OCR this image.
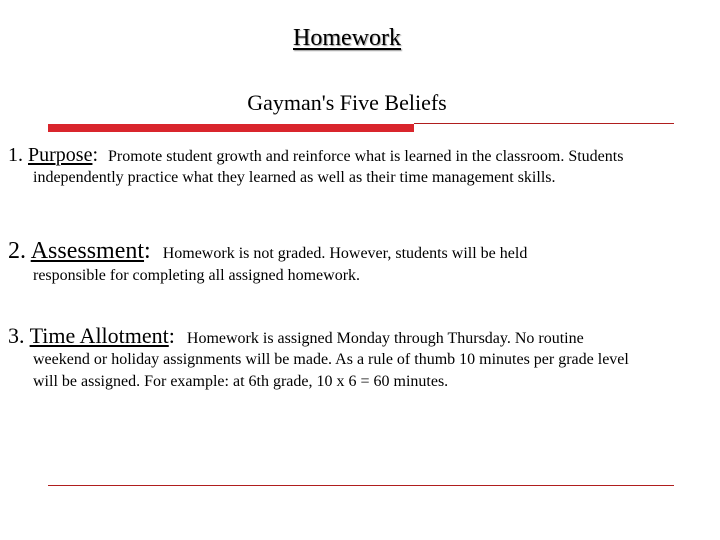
Homework
Gayman's Five Beliefs
1. Purpose: Promote student growth and reinforce what is learned in the classroom. Students
independently practice what they learned as well as their time management skills.
2. Assessment: Homework is not graded. However, students will be held
responsible for completing all assigned homework.
3. Time Allotment: Homework is assigned Monday through Thursday. No routine
weekend or holiday assignments will be made. As a rule of thumb 10 minutes per grade level
will be assigned. For example: at 6th grade, 10 x 6 = 60 minutes.
